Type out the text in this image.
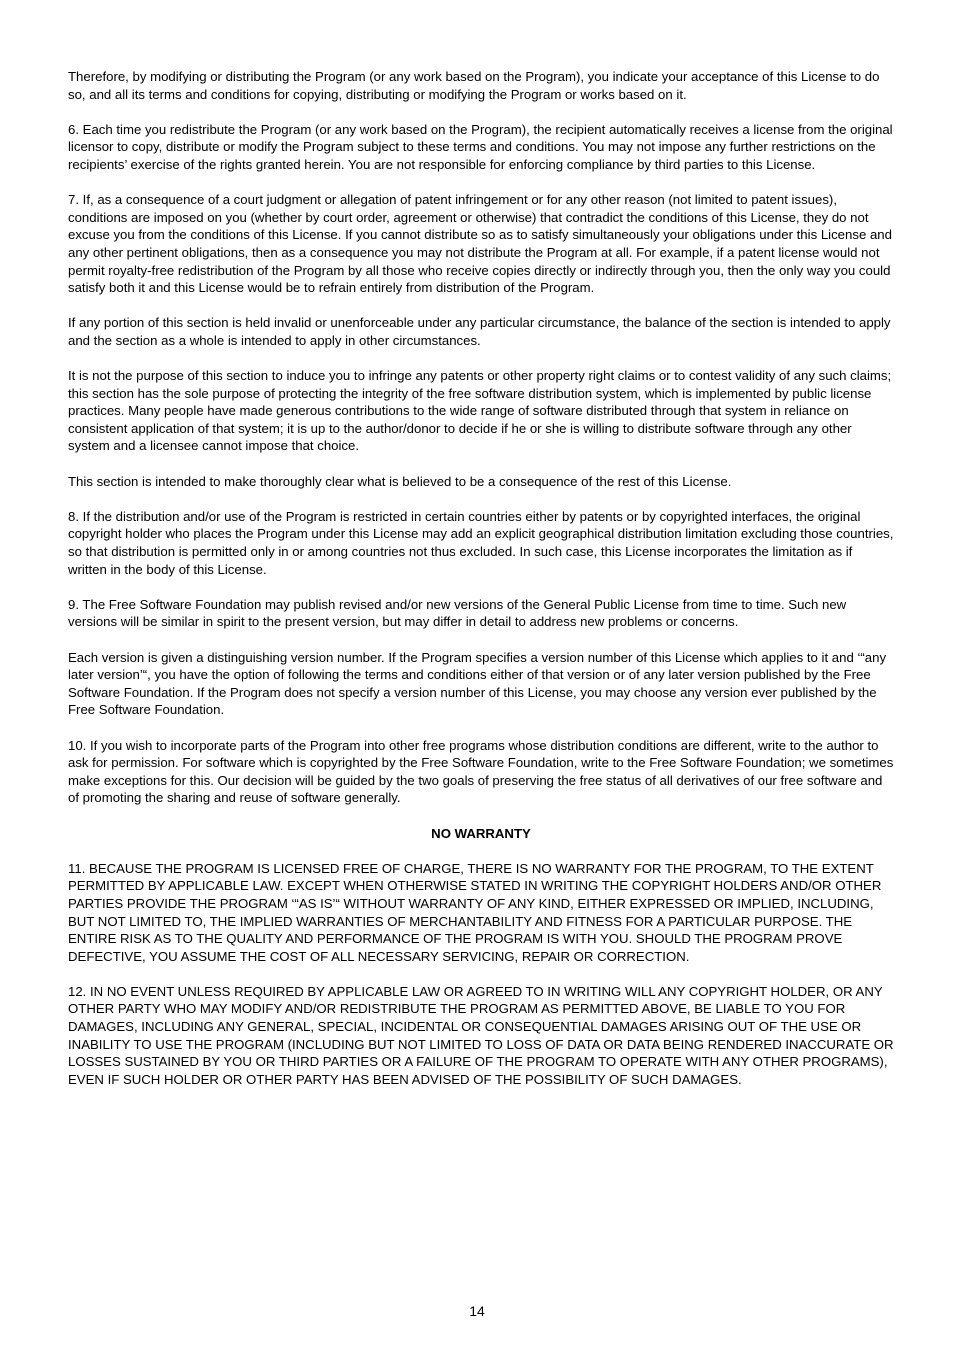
Therefore, by modifying or distributing the Program (or any work based on the Program), you indicate your acceptance of this License to do so, and all its terms and conditions for copying, distributing or modifying the Program or works based on it.

6. Each time you redistribute the Program (or any work based on the Program), the recipient automatically receives a license from the original licensor to copy, distribute or modify the Program subject to these terms and conditions. You may not impose any further restrictions on the recipients’ exercise of the rights granted herein. You are not responsible for enforcing compliance by third parties to this License.

7. If, as a consequence of a court judgment or allegation of patent infringement or for any other reason (not limited to patent issues), conditions are imposed on you (whether by court order, agreement or otherwise) that contradict the conditions of this License, they do not excuse you from the conditions of this License. If you cannot distribute so as to satisfy simultaneously your obligations under this License and any other pertinent obligations, then as a consequence you may not distribute the Program at all. For example, if a patent license would not permit royalty-free redistribution of the Program by all those who receive copies directly or indirectly through you, then the only way you could satisfy both it and this License would be to refrain entirely from distribution of the Program.

If any portion of this section is held invalid or unenforceable under any particular circumstance, the balance of the section is intended to apply and the section as a whole is intended to apply in other circumstances.

It is not the purpose of this section to induce you to infringe any patents or other property right claims or to contest validity of any such claims; this section has the sole purpose of protecting the integrity of the free software distribution system, which is implemented by public license practices. Many people have made generous contributions to the wide range of software distributed through that system in reliance on consistent application of that system; it is up to the author/donor to decide if he or she is willing to distribute software through any other system and a licensee cannot impose that choice.

This section is intended to make thoroughly clear what is believed to be a consequence of the rest of this License.

8. If the distribution and/or use of the Program is restricted in certain countries either by patents or by copyrighted interfaces, the original copyright holder who places the Program under this License may add an explicit geographical distribution limitation excluding those countries, so that distribution is permitted only in or among countries not thus excluded. In such case, this License incorporates the limitation as if written in the body of this License.

9. The Free Software Foundation may publish revised and/or new versions of the General Public License from time to time. Such new versions will be similar in spirit to the present version, but may differ in detail to address new problems or concerns.

Each version is given a distinguishing version number. If the Program specifies a version number of this License which applies to it and ‘“any later version’“, you have the option of following the terms and conditions either of that version or of any later version published by the Free Software Foundation. If the Program does not specify a version number of this License, you may choose any version ever published by the Free Software Foundation.

10. If you wish to incorporate parts of the Program into other free programs whose distribution conditions are different, write to the author to ask for permission. For software which is copyrighted by the Free Software Foundation, write to the Free Software Foundation; we sometimes make exceptions for this. Our decision will be guided by the two goals of preserving the free status of all derivatives of our free software and of promoting the sharing and reuse of software generally.

NO WARRANTY

11. BECAUSE THE PROGRAM IS LICENSED FREE OF CHARGE, THERE IS NO WARRANTY FOR THE PROGRAM, TO THE EXTENT PERMITTED BY APPLICABLE LAW. EXCEPT WHEN OTHERWISE STATED IN WRITING THE COPYRIGHT HOLDERS AND/OR OTHER PARTIES PROVIDE THE PROGRAM ‘“AS IS’“ WITHOUT WARRANTY OF ANY KIND, EITHER EXPRESSED OR IMPLIED, INCLUDING, BUT NOT LIMITED TO, THE IMPLIED WARRANTIES OF MERCHANTABILITY AND FITNESS FOR A PARTICULAR PURPOSE. THE ENTIRE RISK AS TO THE QUALITY AND PERFORMANCE OF THE PROGRAM IS WITH YOU. SHOULD THE PROGRAM PROVE DEFECTIVE, YOU ASSUME THE COST OF ALL NECESSARY SERVICING, REPAIR OR CORRECTION.

12. IN NO EVENT UNLESS REQUIRED BY APPLICABLE LAW OR AGREED TO IN WRITING WILL ANY COPYRIGHT HOLDER, OR ANY OTHER PARTY WHO MAY MODIFY AND/OR REDISTRIBUTE THE PROGRAM AS PERMITTED ABOVE, BE LIABLE TO YOU FOR DAMAGES, INCLUDING ANY GENERAL, SPECIAL, INCIDENTAL OR CONSEQUENTIAL DAMAGES ARISING OUT OF THE USE OR INABILITY TO USE THE PROGRAM (INCLUDING BUT NOT LIMITED TO LOSS OF DATA OR DATA BEING RENDERED INACCURATE OR LOSSES SUSTAINED BY YOU OR THIRD PARTIES OR A FAILURE OF THE PROGRAM TO OPERATE WITH ANY OTHER PROGRAMS), EVEN IF SUCH HOLDER OR OTHER PARTY HAS BEEN ADVISED OF THE POSSIBILITY OF SUCH DAMAGES.

14
